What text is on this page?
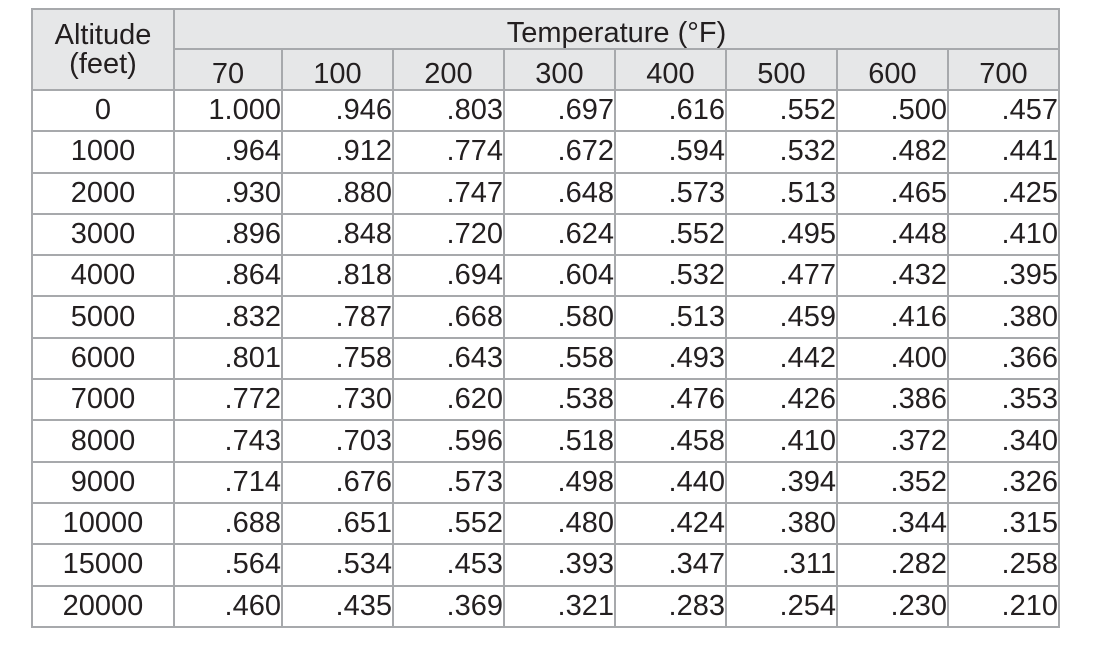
Altitude
(feet)	Temperature (°F)							
	70	100	200	300	400	500	600	700
0	1.000	.946	.803	.697	.616	.552	.500	.457
1000	.964	.912	.774	.672	.594	.532	.482	.441
2000	.930	.880	.747	.648	.573	.513	.465	.425
3000	.896	.848	.720	.624	.552	.495	.448	.410
4000	.864	.818	.694	.604	.532	.477	.432	.395
5000	.832	.787	.668	.580	.513	.459	.416	.380
6000	.801	.758	.643	.558	.493	.442	.400	.366
7000	.772	.730	.620	.538	.476	.426	.386	.353
8000	.743	.703	.596	.518	.458	.410	.372	.340
9000	.714	.676	.573	.498	.440	.394	.352	.326
10000	.688	.651	.552	.480	.424	.380	.344	.315
15000	.564	.534	.453	.393	.347	.311	.282	.258
20000	.460	.435	.369	.321	.283	.254	.230	.210
